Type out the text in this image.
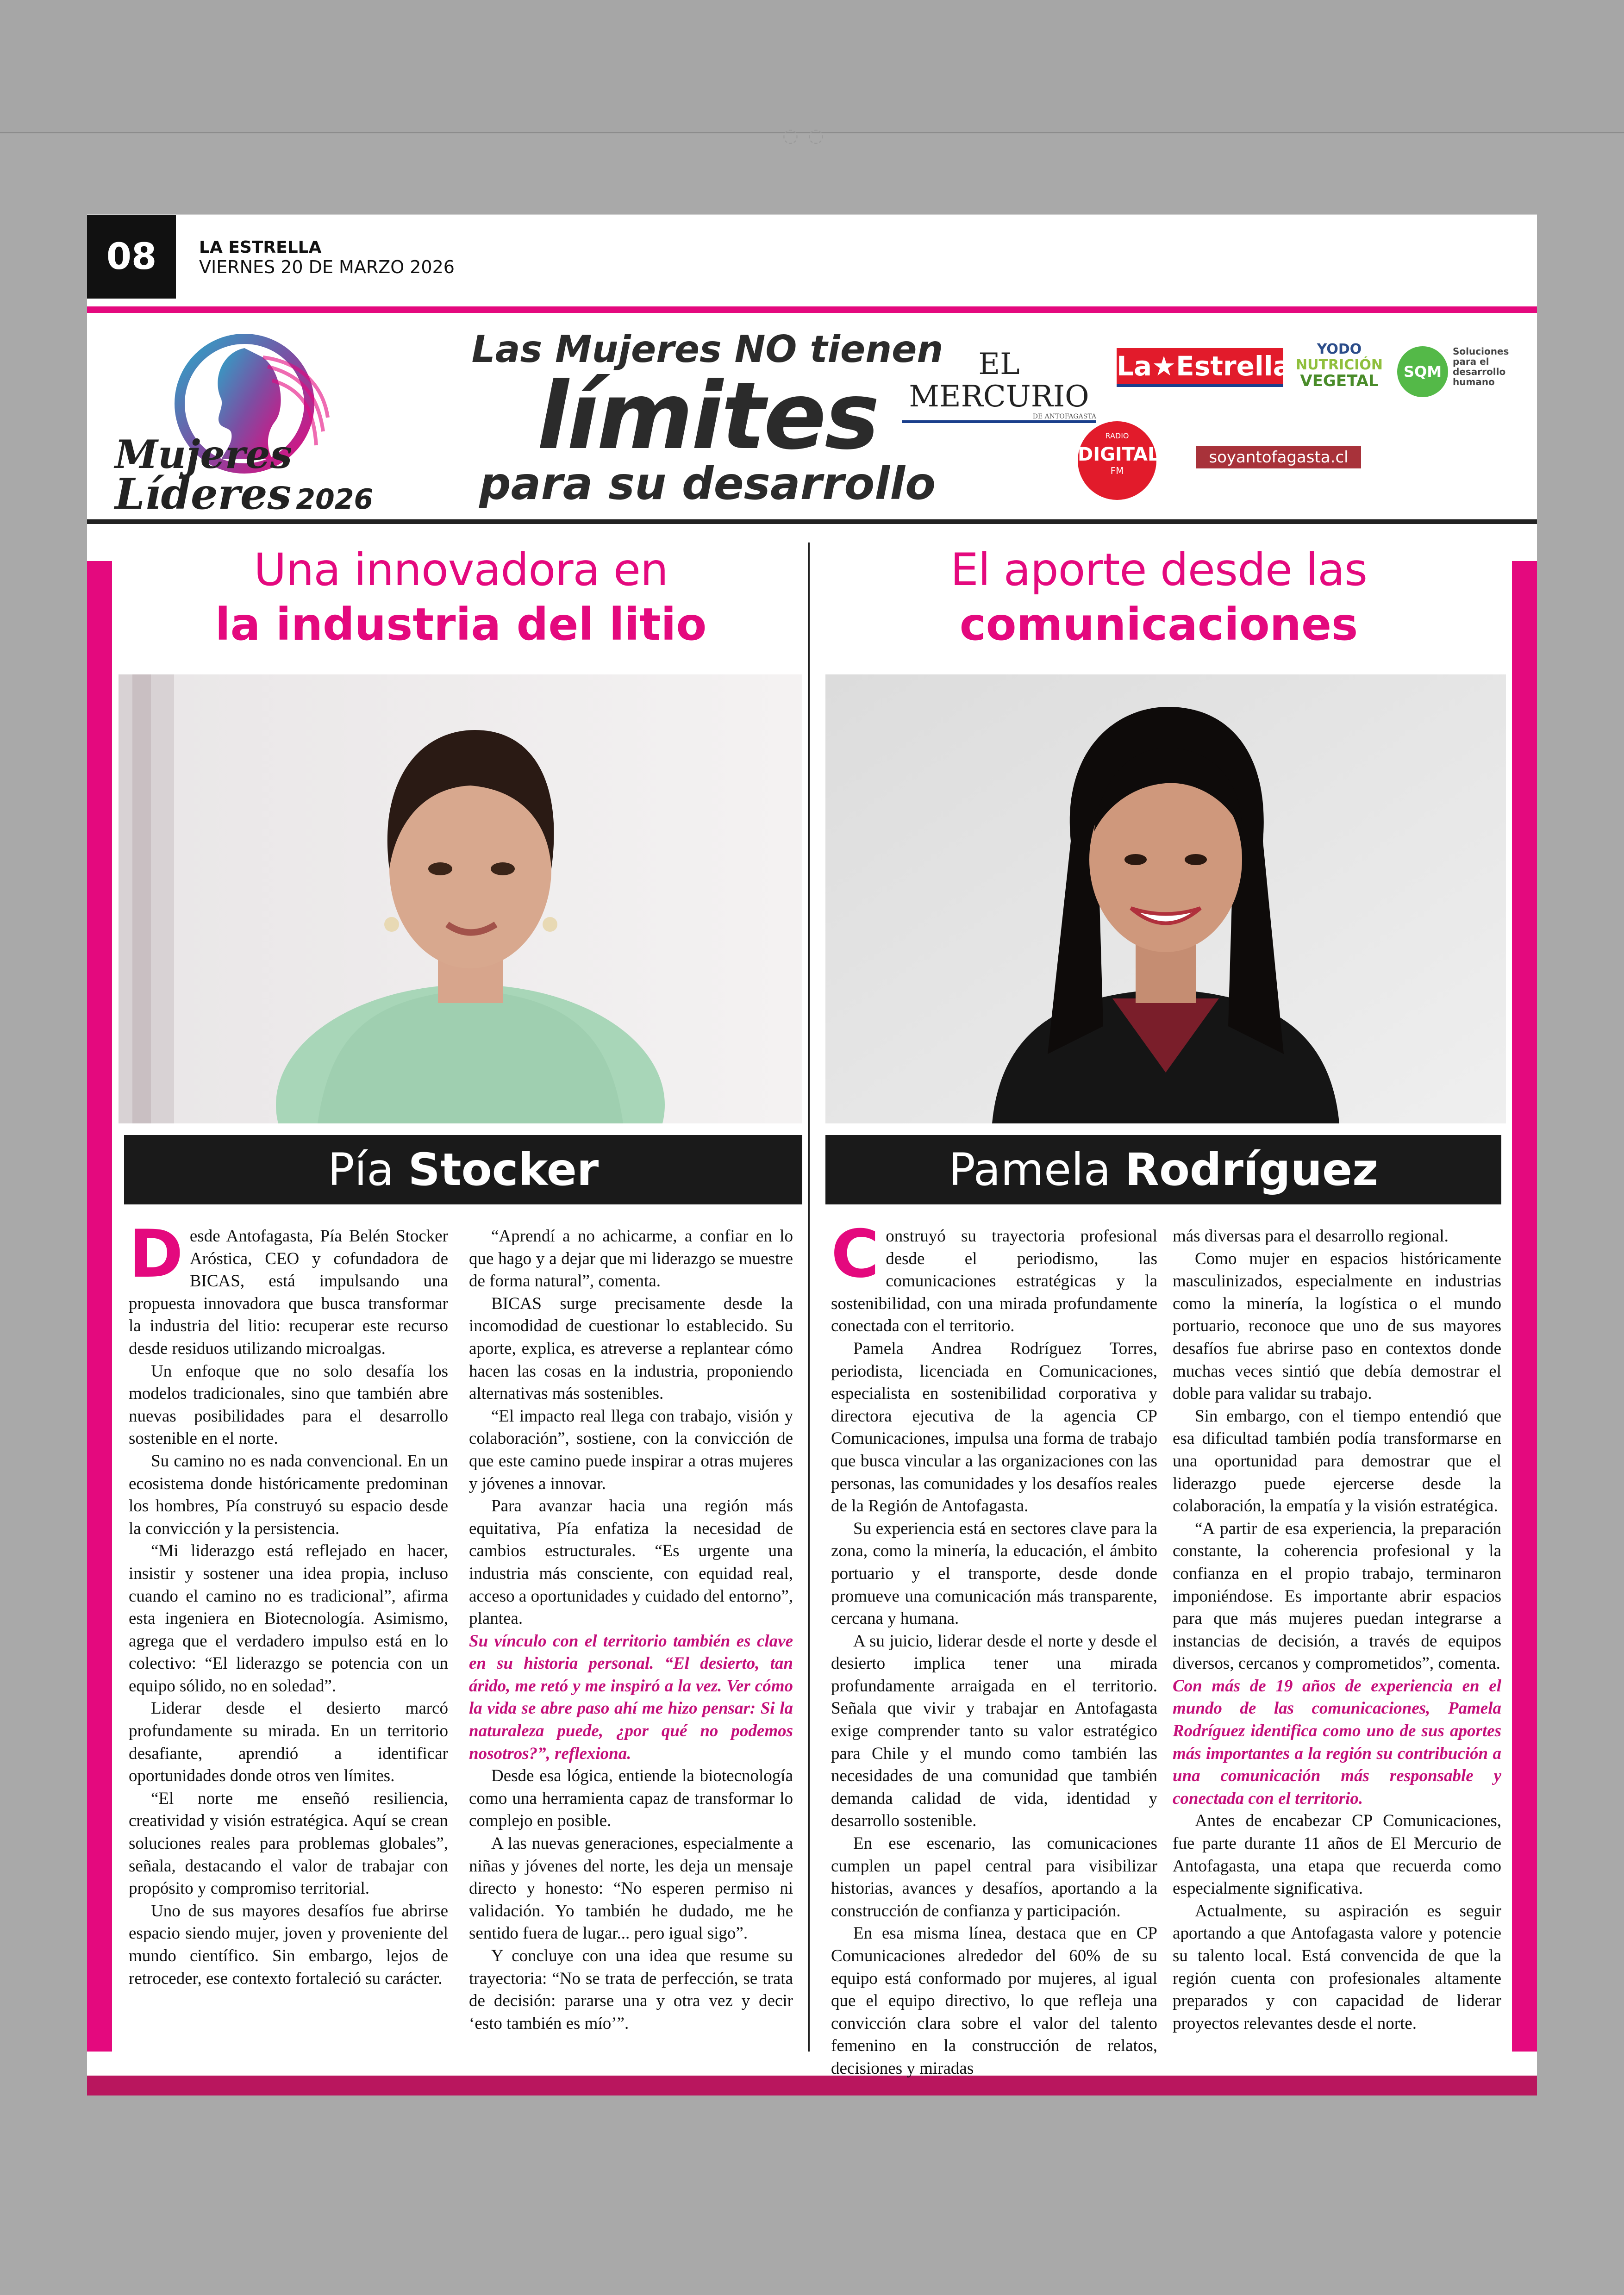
◌◌
08	LA ESTRELLA
VIERNES 20 DE MARZO 2026
Mujeres
Líderes 2026
Las Mujeres NO tienen
límites
para su desarrollo
EL MERCURIO
DE ANTOFAGASTA
La★Estrella
YODO
NUTRICIÓN
VEGETAL	SQM
Soluciones para el desarrollo humano
RADIO
DIGITAL
FM
soyantofagasta.cl
Una innovadora en
la industria del litio
Pía Stocker

Desde Antofagasta, Pía Belén Stocker Aróstica, CEO y cofundadora de BICAS, está impulsando una propuesta innovadora que busca transformar la industria del litio: recuperar este recurso desde residuos utilizando microalgas.

Un enfoque que no solo desafía los modelos tradicionales, sino que también abre nuevas posibilidades para el desarrollo sostenible en el norte.

Su camino no es nada convencional. En un ecosistema donde históricamente predominan los hombres, Pía construyó su espacio desde la convicción y la persistencia.

“Mi liderazgo está reflejado en hacer, insistir y sostener una idea propia, incluso cuando el camino no es tradicional”, afirma esta ingeniera en Biotecnología. Asimismo, agrega que el verdadero impulso está en lo colectivo: “El liderazgo se potencia con un equipo sólido, no en soledad”.

Liderar desde el desierto marcó profundamente su mirada. En un territorio desafiante, aprendió a identificar oportunidades donde otros ven límites.

“El norte me enseñó resiliencia, creatividad y visión estratégica. Aquí se crean soluciones reales para problemas globales”, señala, destacando el valor de trabajar con propósito y compromiso territorial.

Uno de sus mayores desafíos fue abrirse espacio siendo mujer, joven y proveniente del mundo científico. Sin embargo, lejos de retroceder, ese contexto fortaleció su carácter.

“Aprendí a no achicarme, a confiar en lo que hago y a dejar que mi liderazgo se muestre de forma natural”, comenta.

BICAS surge precisamente desde la incomodidad de cuestionar lo establecido. Su aporte, explica, es atreverse a replantear cómo hacen las cosas en la industria, proponiendo alternativas más sostenibles.

“El impacto real llega con trabajo, visión y colaboración”, sostiene, con la convicción de que este camino puede inspirar a otras mujeres y jóvenes a innovar.

Para avanzar hacia una región más equitativa, Pía enfatiza la necesidad de cambios estructurales. “Es urgente una industria más consciente, con equidad real, acceso a oportunidades y cuidado del entorno”, plantea.

Su vínculo con el territorio también es clave en su historia personal. “El desierto, tan árido, me retó y me inspiró a la vez. Ver cómo la vida se abre paso ahí me hizo pensar: Si la naturaleza puede, ¿por qué no podemos nosotros?”, reflexiona.

Desde esa lógica, entiende la biotecnología como una herramienta capaz de transformar lo complejo en posible.

A las nuevas generaciones, especialmente a niñas y jóvenes del norte, les deja un mensaje directo y honesto: “No esperen permiso ni validación. Yo también he dudado, me he sentido fuera de lugar... pero igual sigo”.

Y concluye con una idea que resume su trayectoria: “No se trata de perfección, se trata de decisión: pararse una y otra vez y decir ‘esto también es mío’”.

El aporte desde las
comunicaciones
Pamela Rodríguez

Construyó su trayectoria profesional desde el periodismo, las comunicaciones estratégicas y la sostenibilidad, con una mirada profundamente conectada con el territorio.

Pamela Andrea Rodríguez Torres, periodista, licenciada en Comunicaciones, especialista en sostenibilidad corporativa y directora ejecutiva de la agencia CP Comunicaciones, impulsa una forma de trabajo que busca vincular a las organizaciones con las personas, las comunidades y los desafíos reales de la Región de Antofagasta.

Su experiencia está en sectores clave para la zona, como la minería, la educación, el ámbito portuario y el transporte, desde donde promueve una comunicación más transparente, cercana y humana.

A su juicio, liderar desde el norte y desde el desierto implica tener una mirada profundamente arraigada en el territorio. Señala que vivir y trabajar en Antofagasta exige comprender tanto su valor estratégico para Chile y el mundo como también las necesidades de una comunidad que también demanda calidad de vida, identidad y desarrollo sostenible.

En ese escenario, las comunicaciones cumplen un papel central para visibilizar historias, avances y desafíos, aportando a la construcción de confianza y participación.

En esa misma línea, destaca que en CP Comunicaciones alrededor del 60% de su equipo está conformado por mujeres, al igual que el equipo directivo, lo que refleja una convicción clara sobre el valor del talento femenino en la construcción de relatos, decisiones y miradas

más diversas para el desarrollo regional.

Como mujer en espacios históricamente masculinizados, especialmente en industrias como la minería, la logística o el mundo portuario, reconoce que uno de sus mayores desafíos fue abrirse paso en contextos donde muchas veces sintió que debía demostrar el doble para validar su trabajo.

Sin embargo, con el tiempo entendió que esa dificultad también podía transformarse en una oportunidad para demostrar que el liderazgo puede ejercerse desde la colaboración, la empatía y la visión estratégica.

“A partir de esa experiencia, la preparación constante, la coherencia profesional y la confianza en el propio trabajo, terminaron imponiéndose. Es importante abrir espacios para que más mujeres puedan integrarse a instancias de decisión, a través de equipos diversos, cercanos y comprometidos”, comenta.

Con más de 19 años de experiencia en el mundo de las comunicaciones, Pamela Rodríguez identifica como uno de sus aportes más importantes a la región su contribución a una comunicación más responsable y conectada con el territorio.

Antes de encabezar CP Comunicaciones, fue parte durante 11 años de El Mercurio de Antofagasta, una etapa que recuerda como especialmente significativa.

Actualmente, su aspiración es seguir aportando a que Antofagasta valore y potencie su talento local. Está convencida de que la región cuenta con profesionales altamente preparados y con capacidad de liderar proyectos relevantes desde el norte.
